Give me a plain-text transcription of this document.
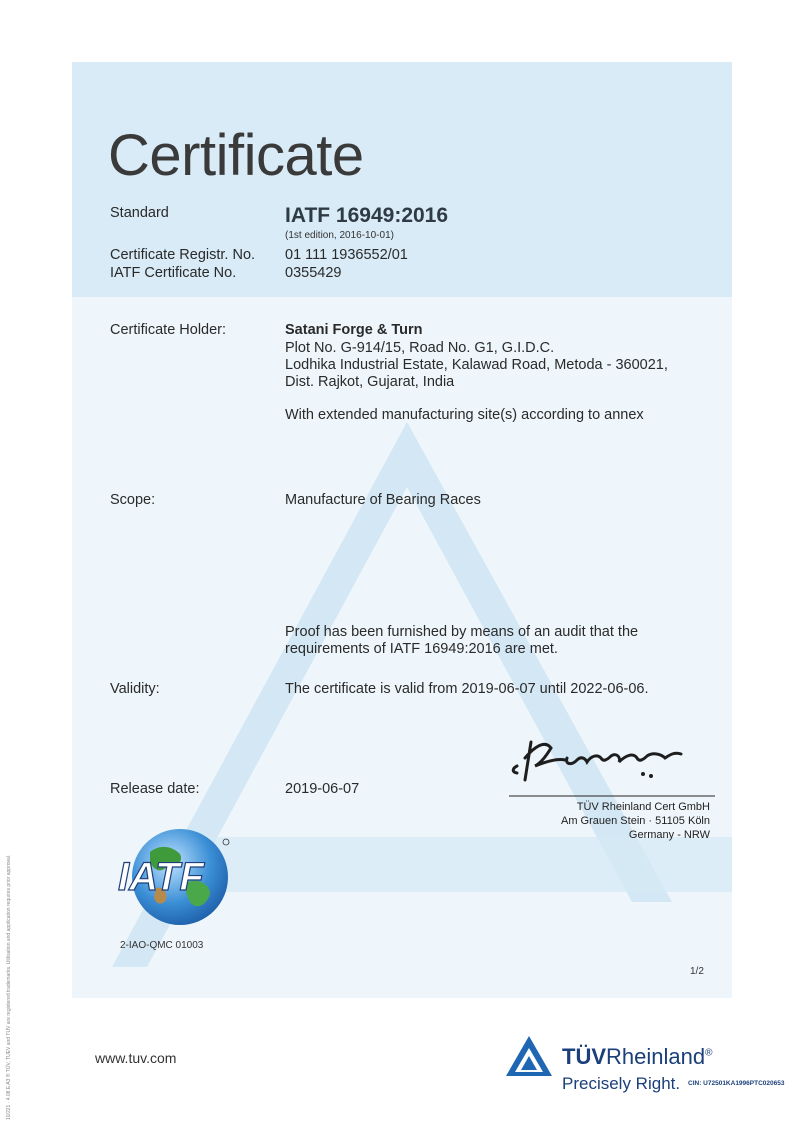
Certificate
Standard	IATF 16949:2016
(1st edition, 2016-10-01)
Certificate Registr. No. 01 111 1936552/01
IATF Certificate No.	0355429
Certificate Holder:	Satani Forge & Turn
Plot No. G-914/15, Road No. G1, G.I.D.C.
Lodhika Industrial Estate, Kalawad Road, Metoda - 360021,
Dist. Rajkot, Gujarat, India
With extended manufacturing site(s) according to annex
Scope:	Manufacture of Bearing Races
Proof has been furnished by means of an audit that the
requirements of IATF 16949:2016 are met.
Validity:	The certificate is valid from 2019-06-07 until 2022-06-06.
Release date:	2019-06-07
TÜV Rheinland Cert GmbH
Am Grauen Stein · 51105 Köln
Germany - NRW
IATF
2-IAO-QMC 01003
1/2
10/221 · 4.08 E A3 ® TÜV, TUEV and TUV are registered trademarks. Utilisation and application requires prior approval.	www.tuv.com	TÜVRheinland®
Precisely Right. CIN: U72501KA1996PTC020653
